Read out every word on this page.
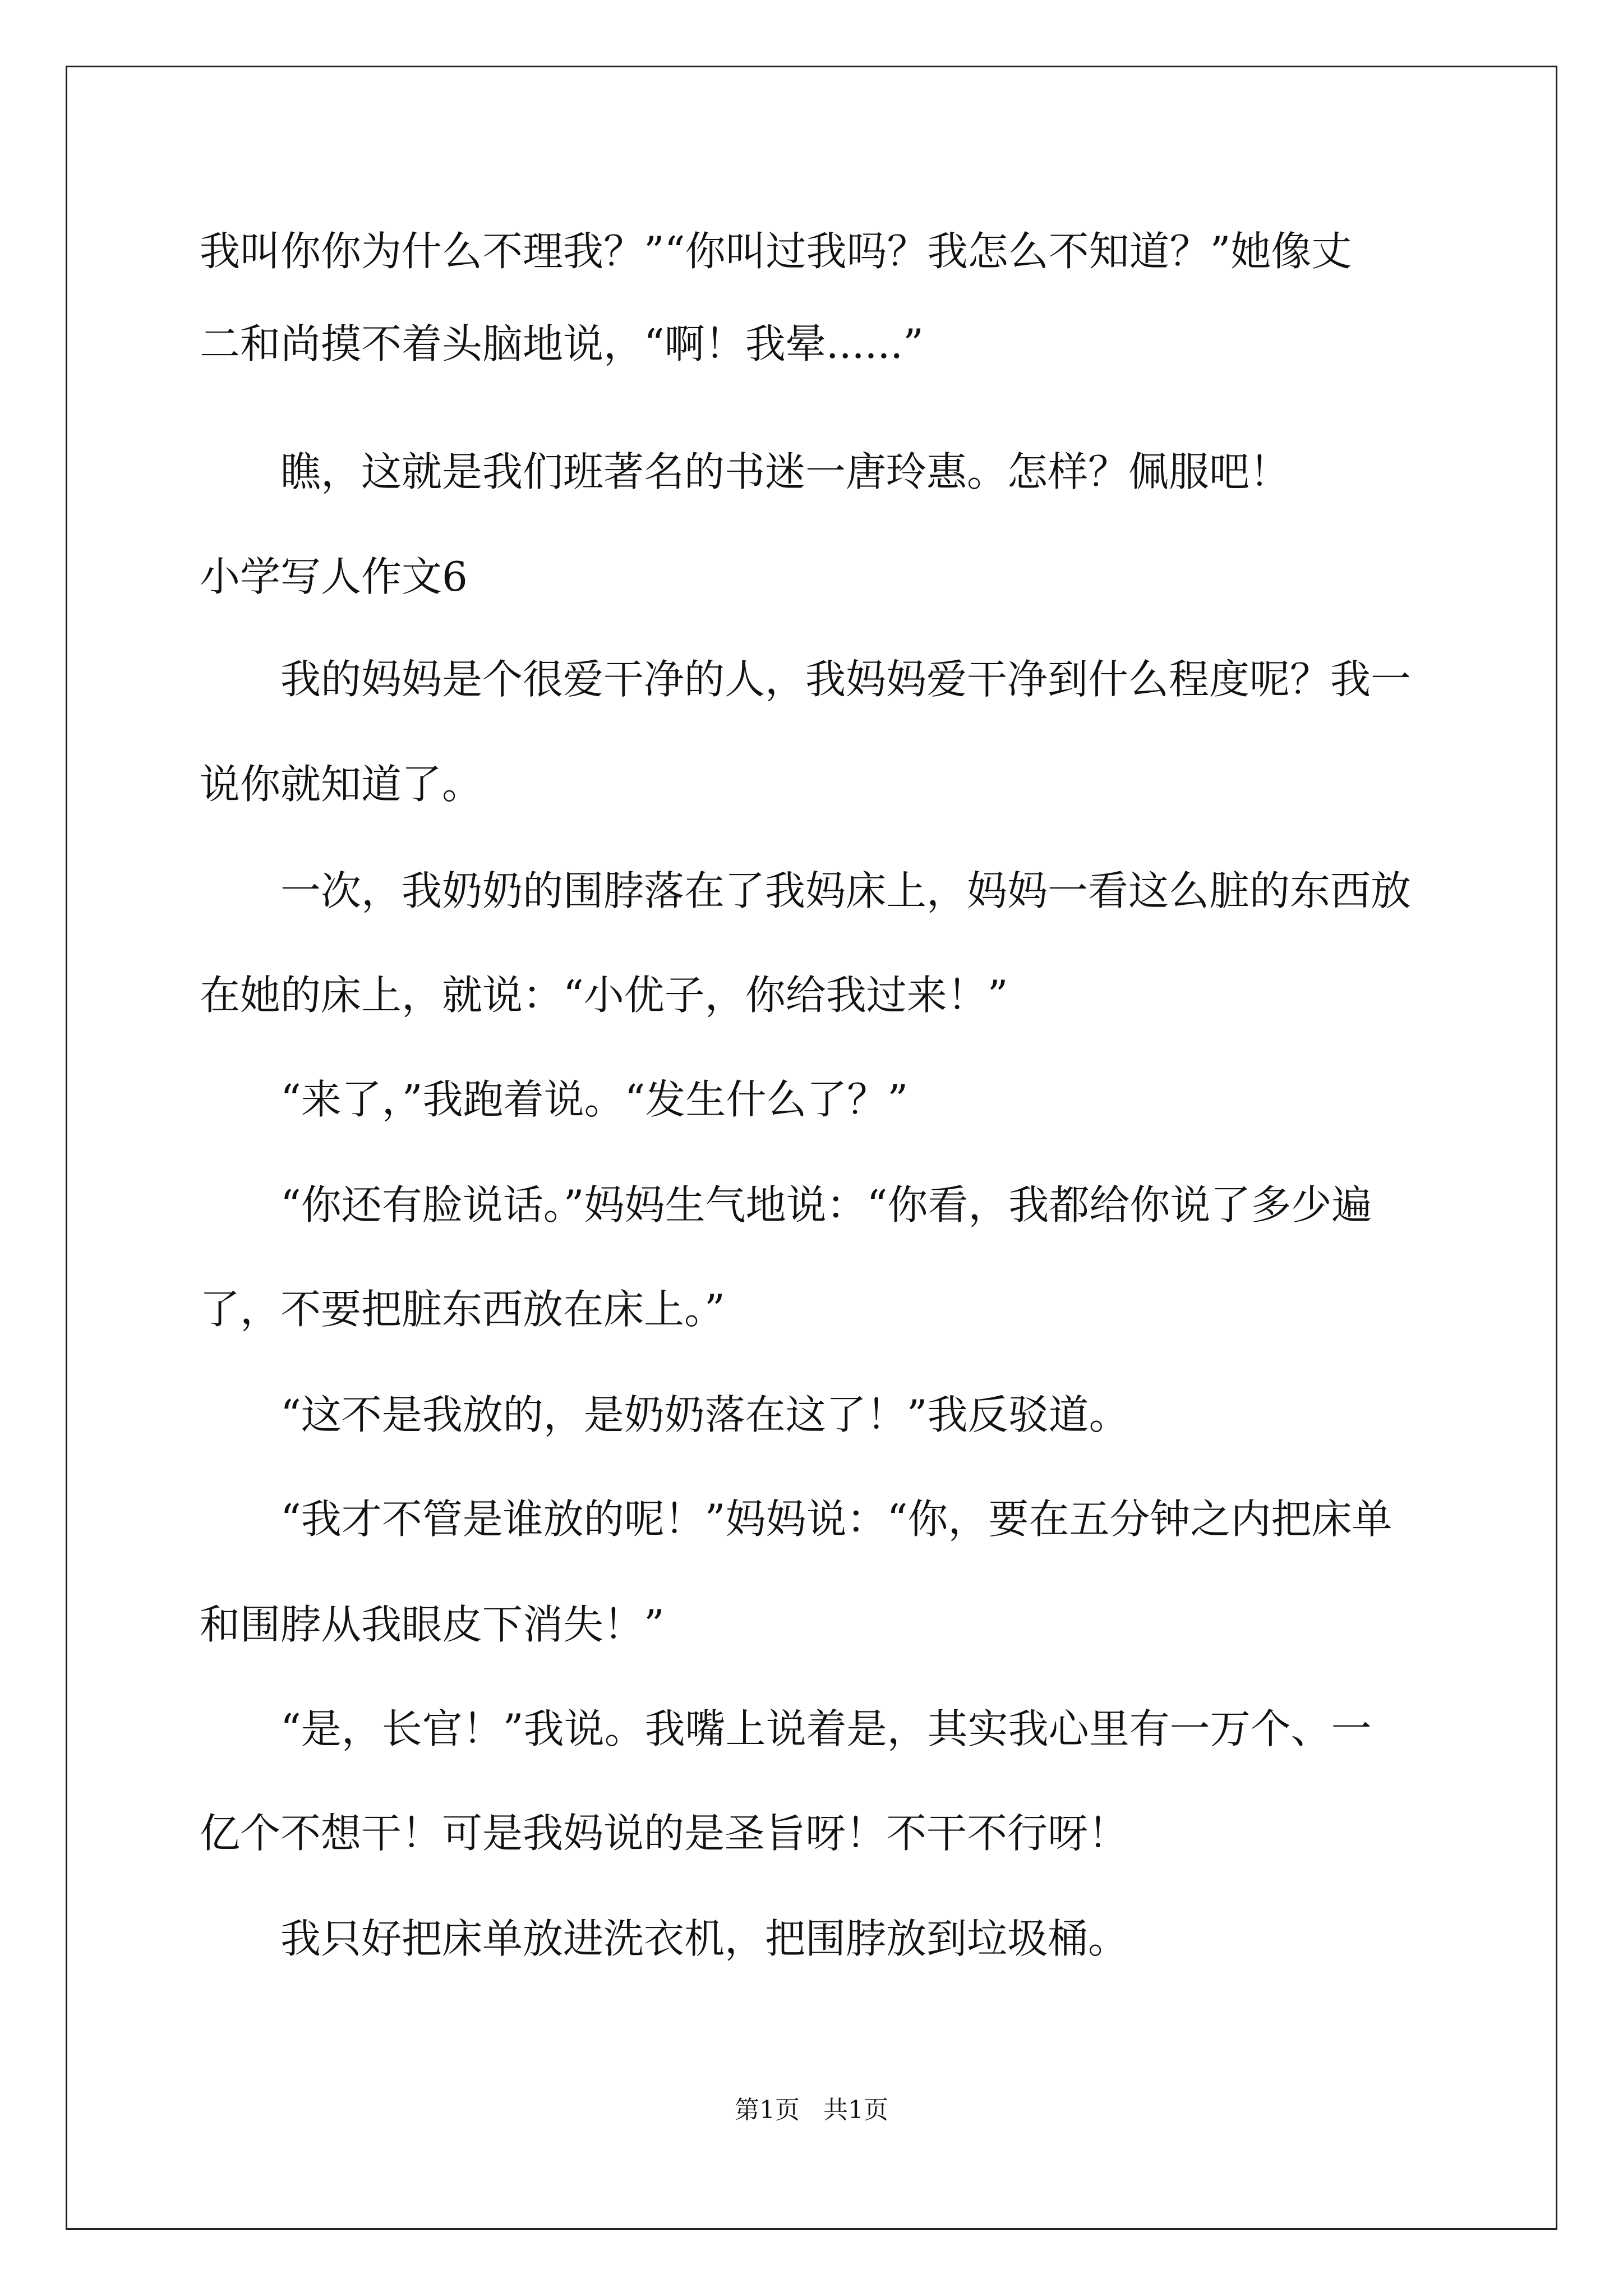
我叫你你为什么不理我？”“你叫过我吗？我怎么不知道？”她像丈
二和尚摸不着头脑地说，“啊！我晕......”
瞧，这就是我们班著名的书迷一唐玲惠。怎样？佩服吧！
小学写人作文6
我的妈妈是个很爱干净的人，我妈妈爱干净到什么程度呢？我一
说你就知道了。
一次，我奶奶的围脖落在了我妈床上，妈妈一看这么脏的东西放
在她的床上，就说：“小优子，你给我过来！”
“来了，”我跑着说。“发生什么了？”
“你还有脸说话。”妈妈生气地说：“你看，我都给你说了多少遍
了，不要把脏东西放在床上。”
“这不是我放的，是奶奶落在这了！”我反驳道。
“我才不管是谁放的呢！”妈妈说：“你，要在五分钟之内把床单
和围脖从我眼皮下消失！”
“是，长官！”我说。我嘴上说着是，其实我心里有一万个、一
亿个不想干！可是我妈说的是圣旨呀！不干不行呀！
我只好把床单放进洗衣机，把围脖放到垃圾桶。
第1页   共1页
